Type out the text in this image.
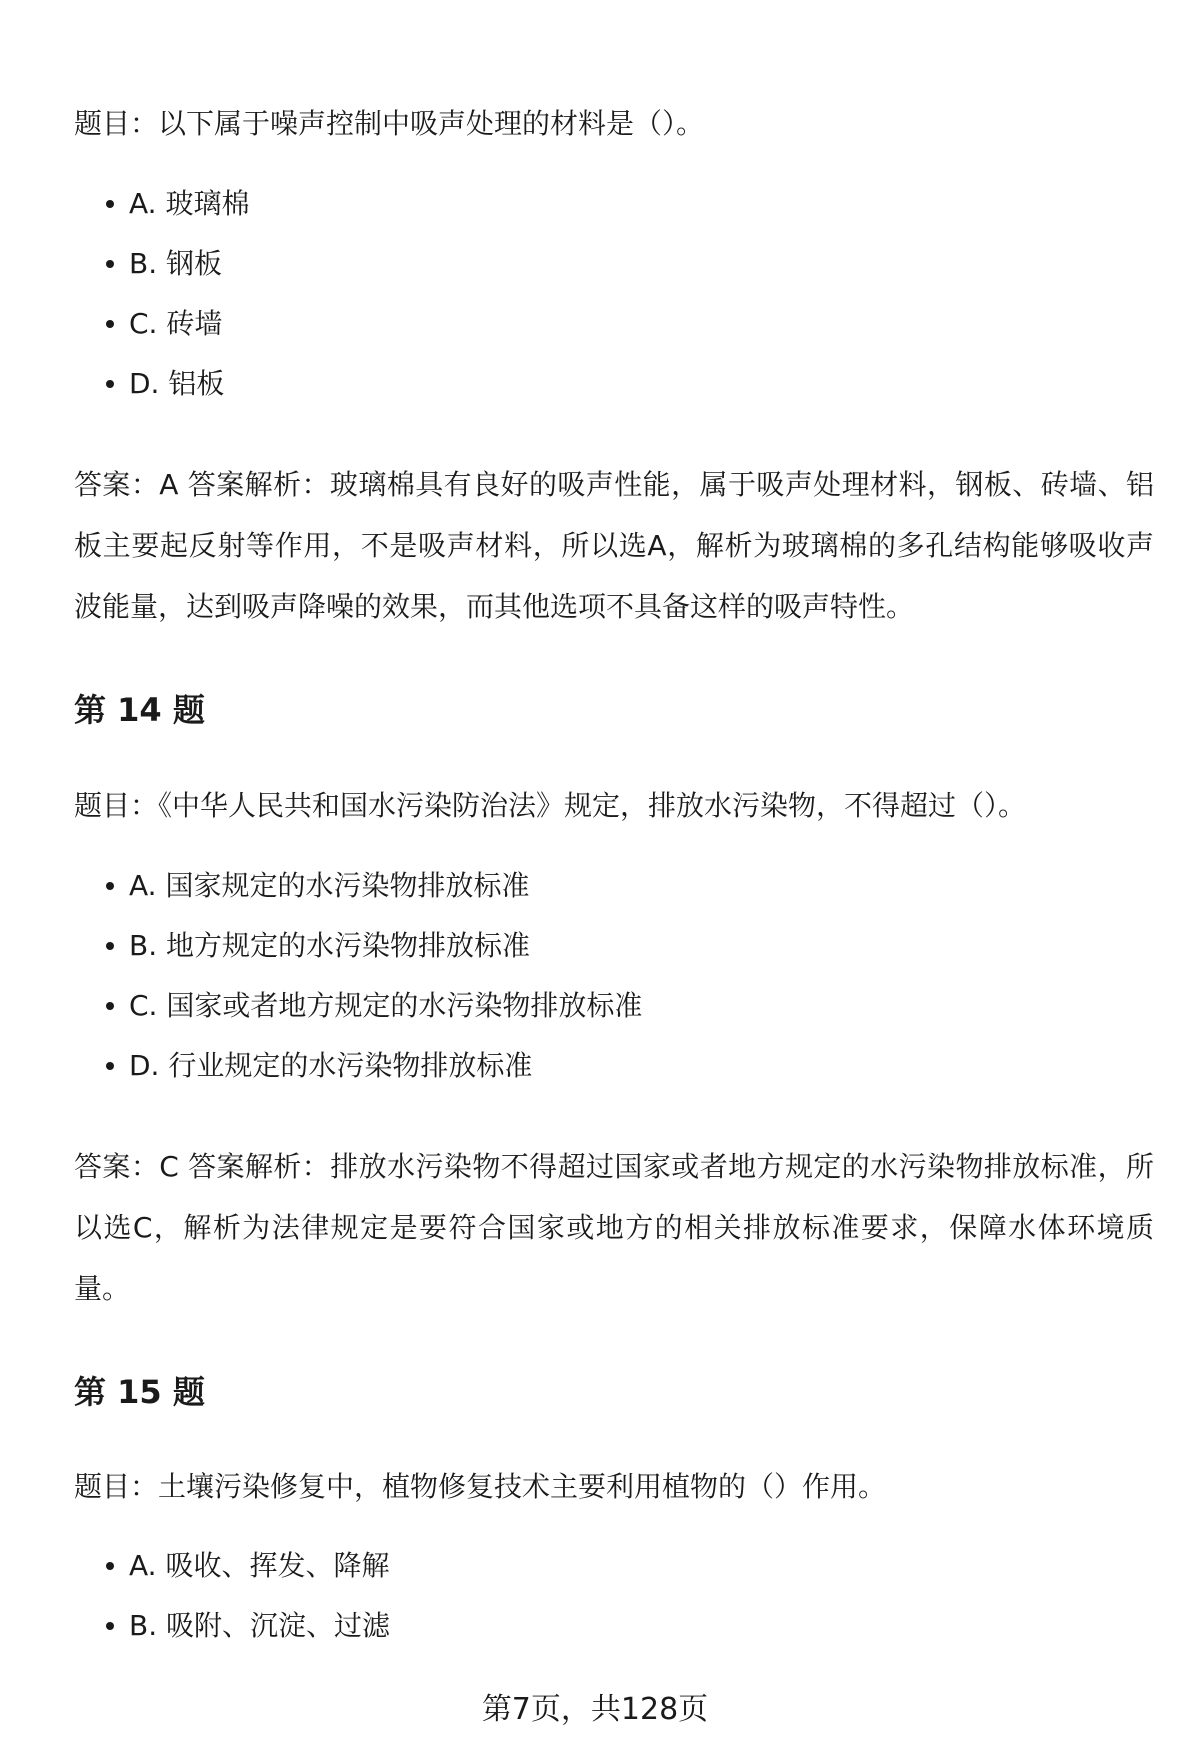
题目：以下属于噪声控制中吸声处理的材料是（）。

A. 玻璃棉
B. 钢板
C. 砖墙
D. 铝板

答案：A 答案解析：玻璃棉具有良好的吸声性能，属于吸声处理材料，钢板、砖墙、铝板主要起反射等作用，不是吸声材料，所以选A，解析为玻璃棉的多孔结构能够吸收声波能量，达到吸声降噪的效果，而其他选项不具备这样的吸声特性。

第 14 题

题目：《中华人民共和国水污染防治法》规定，排放水污染物，不得超过（）。

A. 国家规定的水污染物排放标准
B. 地方规定的水污染物排放标准
C. 国家或者地方规定的水污染物排放标准
D. 行业规定的水污染物排放标准

答案：C 答案解析：排放水污染物不得超过国家或者地方规定的水污染物排放标准，所以选C，解析为法律规定是要符合国家或地方的相关排放标准要求，保障水体环境质量。

第 15 题

题目：土壤污染修复中，植物修复技术主要利用植物的（）作用。

A. 吸收、挥发、降解
B. 吸附、沉淀、过滤
第7页，共128页
